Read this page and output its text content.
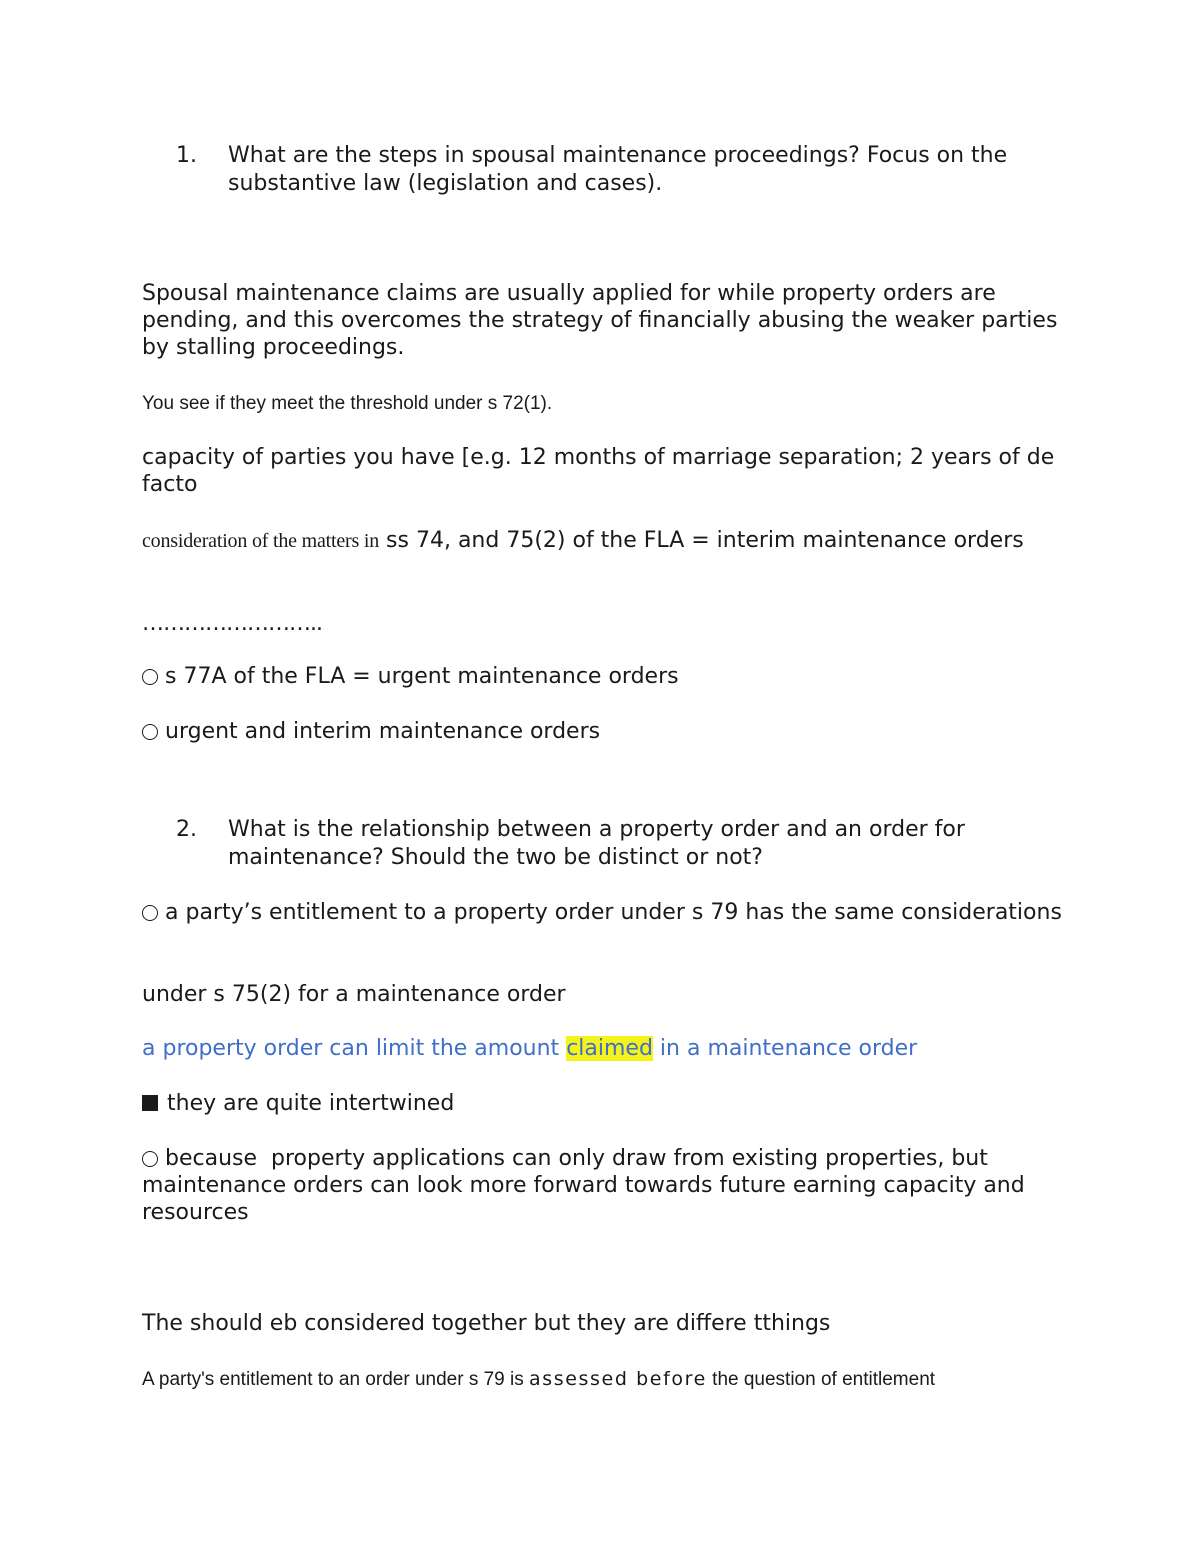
1. What are the steps in spousal maintenance proceedings? Focus on the substantive law (legislation and cases).

Spousal maintenance claims are usually applied for while property orders are pending, and this overcomes the strategy of financially abusing the weaker parties by stalling proceedings.

You see if they meet the threshold under s 72(1).

capacity of parties you have [e.g. 12 months of marriage separation; 2 years of de facto

consideration of the matters in ss 74, and 75(2) of the FLA = interim maintenance orders

……………………..

s 77A of the FLA = urgent maintenance orders

urgent and interim maintenance orders

2. What is the relationship between a property order and an order for maintenance? Should the two be distinct or not?

a party’s entitlement to a property order under s 79 has the same considerations

under s 75(2) for a maintenance order

a property order can limit the amount claimed in a maintenance order

they are quite intertwined

because  property applications can only draw from existing properties, but maintenance orders can look more forward towards future earning capacity and resources

The should eb considered together but they are differe tthings

A party's entitlement to an order under s 79 is assessed before the question of entitlement
